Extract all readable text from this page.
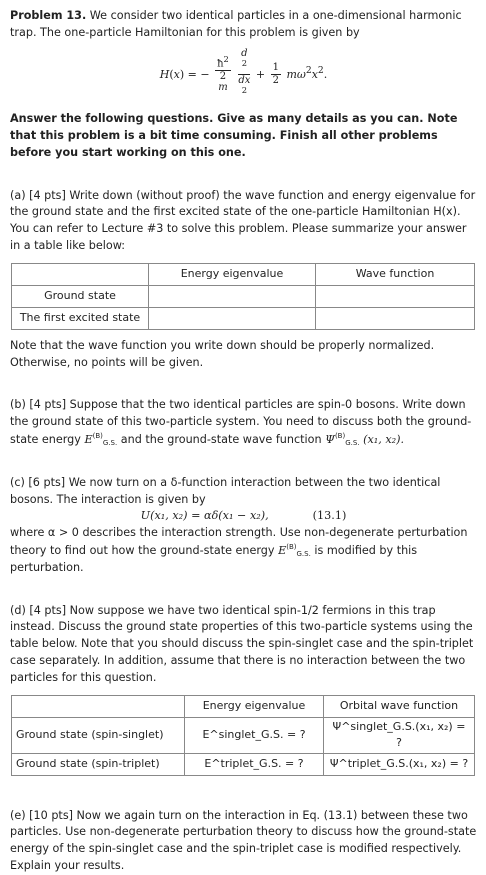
Problem 13. We consider two identical particles in a one-dimensional harmonic trap. The one-particle Hamiltonian for this problem is given by

H(x) = − $ħ^2$
2
m
d
$^2$
dx
$^2 + \frac{1}{2} m\omega^2x^2$.

Answer the following questions. Give as many details as you can. Note that this problem is a bit time consuming. Finish all other problems before you start working on this one.

(a) [4 pts] Write down (without proof) the wave function and energy eigenvalue for the ground state and the first excited state of the one-particle Hamiltonian H(x). You can refer to Lecture #3 to solve this problem. Please summarize your answer in a table like below:

	Energy eigenvalue	Wave function
Ground state		
The first excited state		

Note that the wave function you write down should be properly normalized. Otherwise, no points will be given.

(b) [4 pts] Suppose that the two identical particles are spin-0 bosons. Write down the ground state of this two-particle system. You need to discuss both the ground-state energy $E^{(B)}_{G.S.}$ and the ground-state wave function $\Psi^{(B)}_{G.S.}$ (x₁, x₂).

(c) [6 pts] We now turn on a δ-function interaction between the two identical bosons. The interaction is given by

U(x₁, x₂) = αδ(x₁ − x₂),	(13.1)

where α > 0 describes the interaction strength. Use non-degenerate perturbation theory to find out how the ground-state energy $E^{(B)}_{G.S.}$ is modified by this perturbation.

(d) [4 pts] Now suppose we have two identical spin-1/2 fermions in this trap instead. Discuss the ground state properties of this two-particle systems using the table below. Note that you should discuss the spin-singlet case and the spin-triplet case separately. In addition, assume that there is no interaction between the two particles for this question.

	Energy eigenvalue	Orbital wave function
Ground state (spin-singlet)	E^singlet_G.S. = ?	Ψ^singlet_G.S.(x₁, x₂) = ?
Ground state (spin-triplet)	E^triplet_G.S. = ?	Ψ^triplet_G.S.(x₁, x₂) = ?

(e) [10 pts] Now we again turn on the interaction in Eq. (13.1) between these two particles. Use non-degenerate perturbation theory to discuss how the ground-state energy of the spin-singlet case and the spin-triplet case is modified respectively. Explain your results.
